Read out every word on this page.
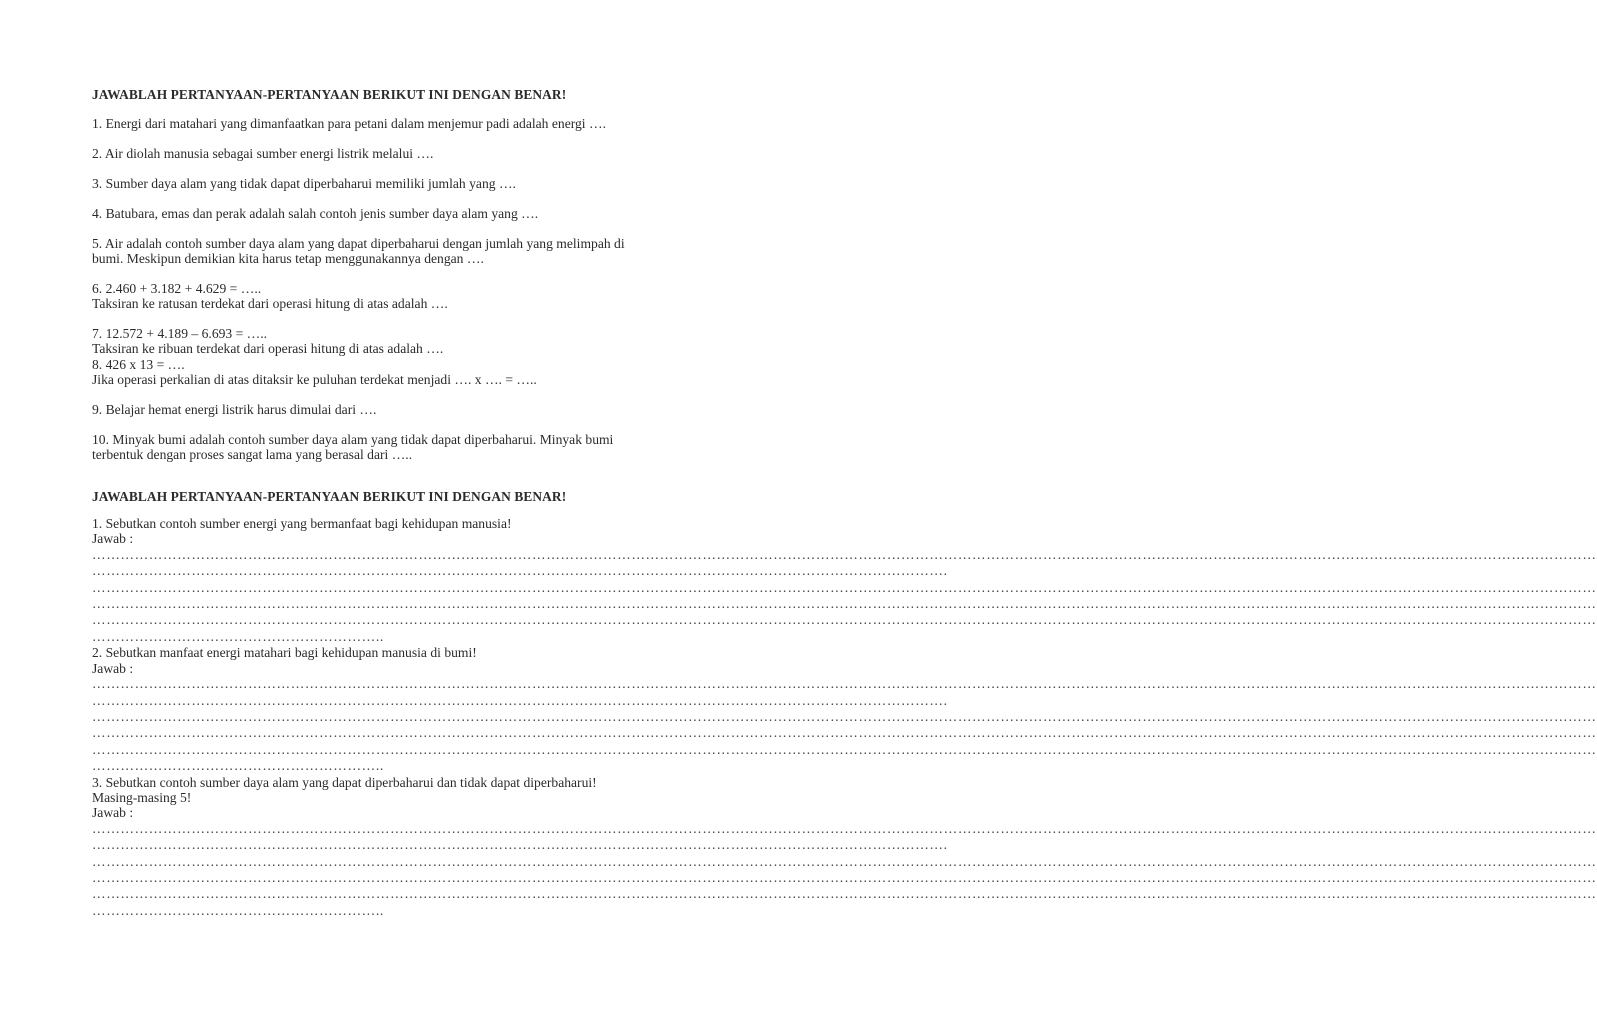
JAWABLAH PERTANYAAN-PERTANYAAN BERIKUT INI DENGAN BENAR!
1. Energi dari matahari yang dimanfaatkan para petani dalam menjemur padi adalah energi ….
2. Air diolah manusia sebagai sumber energi listrik melalui ….
3. Sumber daya alam yang tidak dapat diperbaharui memiliki jumlah yang ….
4. Batubara, emas dan perak adalah salah contoh jenis sumber daya alam yang ….
5. Air adalah contoh sumber daya alam yang dapat diperbaharui dengan jumlah yang melimpah di
bumi. Meskipun demikian kita harus tetap menggunakannya dengan ….
6. 2.460 + 3.182 + 4.629 = …..
Taksiran ke ratusan terdekat dari operasi hitung di atas adalah ….
7. 12.572 + 4.189 – 6.693 = …..
Taksiran ke ribuan terdekat dari operasi hitung di atas adalah ….
8. 426 x 13 = ….
Jika operasi perkalian di atas ditaksir ke puluhan terdekat menjadi …. x …. = …..
9. Belajar hemat energi listrik harus dimulai dari ….
10. Minyak bumi adalah contoh sumber daya alam yang tidak dapat diperbaharui. Minyak bumi
terbentuk dengan proses sangat lama yang berasal dari …..
JAWABLAH PERTANYAAN-PERTANYAAN BERIKUT INI DENGAN BENAR!
1. Sebutkan contoh sumber energi yang bermanfaat bagi kehidupan manusia!
Jawab :
…………………………………………………………………………………………………………………………………………………………………………………………………………………………………………………………………………………………
……………………………………………………………………………………………………………………………………………………………….
…………………………………………………………………………………………………………………………………………………………………………………………………………………………………………………………………………………………
…………………………………………………………………………………………………………………………………………………………………………………………………………………………………………………………………………………………
…………………………………………………………………………………………………………………………………………………………………………………………………………………………………………………………………………………………
……………………………………………………..
2. Sebutkan manfaat energi matahari bagi kehidupan manusia di bumi!
Jawab :
…………………………………………………………………………………………………………………………………………………………………………………………………………………………………………………………………………………………
……………………………………………………………………………………………………………………………………………………………….
…………………………………………………………………………………………………………………………………………………………………………………………………………………………………………………………………………………………
…………………………………………………………………………………………………………………………………………………………………………………………………………………………………………………………………………………………
…………………………………………………………………………………………………………………………………………………………………………………………………………………………………………………………………………………………
……………………………………………………..
3. Sebutkan contoh sumber daya alam yang dapat diperbaharui dan tidak dapat diperbaharui!
Masing-masing 5!
Jawab :
…………………………………………………………………………………………………………………………………………………………………………………………………………………………………………………………………………………………
……………………………………………………………………………………………………………………………………………………………….
…………………………………………………………………………………………………………………………………………………………………………………………………………………………………………………………………………………………
…………………………………………………………………………………………………………………………………………………………………………………………………………………………………………………………………………………………
…………………………………………………………………………………………………………………………………………………………………………………………………………………………………………………………………………………………
……………………………………………………..
